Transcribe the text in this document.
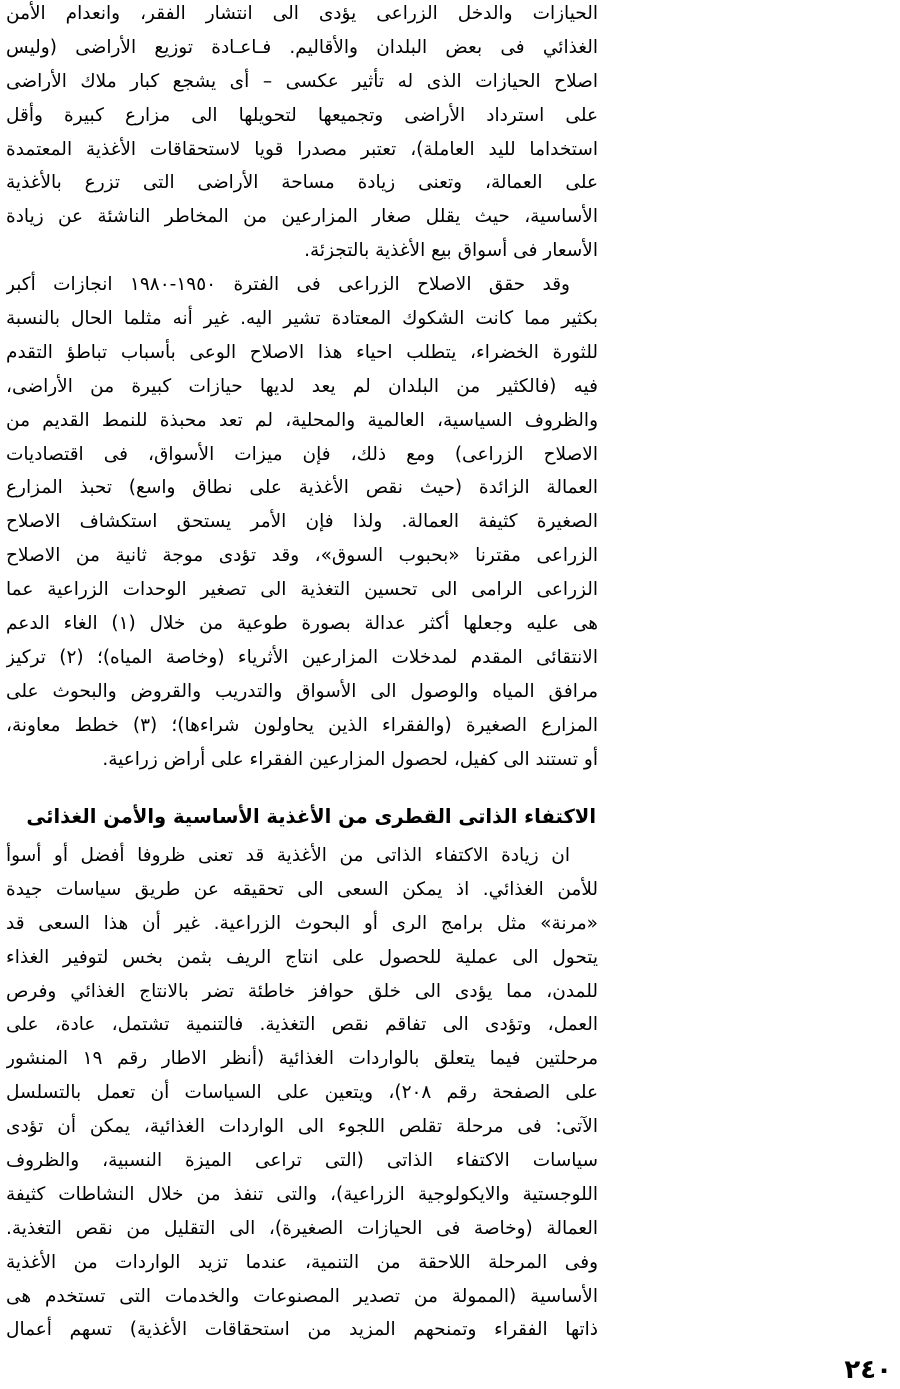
الحيازات والدخل الزراعى يؤدى الى انتشار الفقر، وانعدام الأمن
الغذائي فى بعض البلدان والأقاليم. فـاعـادة توزيع الأراضى (وليس
اصلاح الحيازات الذى له تأثير عكسى – أى يشجع كبار ملاك الأراضى
على استرداد الأراضى وتجميعها لتحويلها الى مزارع كبيرة وأقل
استخداما لليد العاملة)، تعتبر مصدرا قويا لاستحقاقات الأغذية المعتمدة
على العمالة، وتعنى زيادة مساحة الأراضى التى تزرع بالأغذية
الأساسية، حيث يقلل صغار المزارعين من المخاطر الناشئة عن زيادة
الأسعار فى أسواق بيع الأغذية بالتجزئة.
وقد حقق الاصلاح الزراعى فى الفترة ١٩٥٠-١٩٨٠ انجازات أكبر
بكثير مما كانت الشكوك المعتادة تشير اليه. غير أنه مثلما الحال بالنسبة
للثورة الخضراء، يتطلب احياء هذا الاصلاح الوعى بأسباب تباطؤ التقدم
فيه (فالكثير من البلدان لم يعد لديها حيازات كبيرة من الأراضى،
والظروف السياسية، العالمية والمحلية، لم تعد محبذة للنمط القديم من
الاصلاح الزراعى) ومع ذلك، فإن ميزات الأسواق، فى اقتصاديات
العمالة الزائدة (حيث نقص الأغذية على نطاق واسع) تحبذ المزارع
الصغيرة كثيفة العمالة. ولذا فإن الأمر يستحق استكشاف الاصلاح
الزراعى مقترنا «بحبوب السوق»، وقد تؤدى موجة ثانية من الاصلاح
الزراعى الرامى الى تحسين التغذية الى تصغير الوحدات الزراعية عما
هى عليه وجعلها أكثر عدالة بصورة طوعية من خلال (١) الغاء الدعم
الانتقائى المقدم لمدخلات المزارعين الأثرياء (وخاصة المياه)؛ (٢) تركيز
مرافق المياه والوصول الى الأسواق والتدريب والقروض والبحوث على
المزارع الصغيرة (والفقراء الذين يحاولون شراءها)؛ (٣) خطط معاونة،
أو تستند الى كفيل، لحصول المزارعين الفقراء على أراض زراعية.
الاكتفاء الذاتى القطرى من الأغذية الأساسية والأمن الغذائى
ان زيادة الاكتفاء الذاتى من الأغذية قد تعنى ظروفا أفضل أو أسوأ
للأمن الغذائي. اذ يمكن السعى الى تحقيقه عن طريق سياسات جيدة
«مرنة» مثل برامج الرى أو البحوث الزراعية. غير أن هذا السعى قد
يتحول الى عملية للحصول على انتاج الريف بثمن بخس لتوفير الغذاء
للمدن، مما يؤدى الى خلق حوافز خاطئة تضر بالانتاج الغذائي وفرص
العمل، وتؤدى الى تفاقم نقص التغذية. فالتنمية تشتمل، عادة، على
مرحلتين فيما يتعلق بالواردات الغذائية (أنظر الاطار رقم ١٩ المنشور
على الصفحة رقم ٢٠٨)، ويتعين على السياسات أن تعمل بالتسلسل
الآتى: فى مرحلة تقلص اللجوء الى الواردات الغذائية، يمكن أن تؤدى
سياسات الاكتفاء الذاتى (التى تراعى الميزة النسبية، والظروف
اللوجستية والايكولوجية الزراعية)، والتى تنفذ من خلال النشاطات كثيفة
العمالة (وخاصة فى الحيازات الصغيرة)، الى التقليل من نقص التغذية.
وفى المرحلة اللاحقة من التنمية، عندما تزيد الواردات من الأغذية
الأساسية (الممولة من تصدير المصنوعات والخدمات التى تستخدم هى
ذاتها الفقراء وتمنحهم المزيد من استحقاقات الأغذية) تسهم أعمال
٢٤٠
